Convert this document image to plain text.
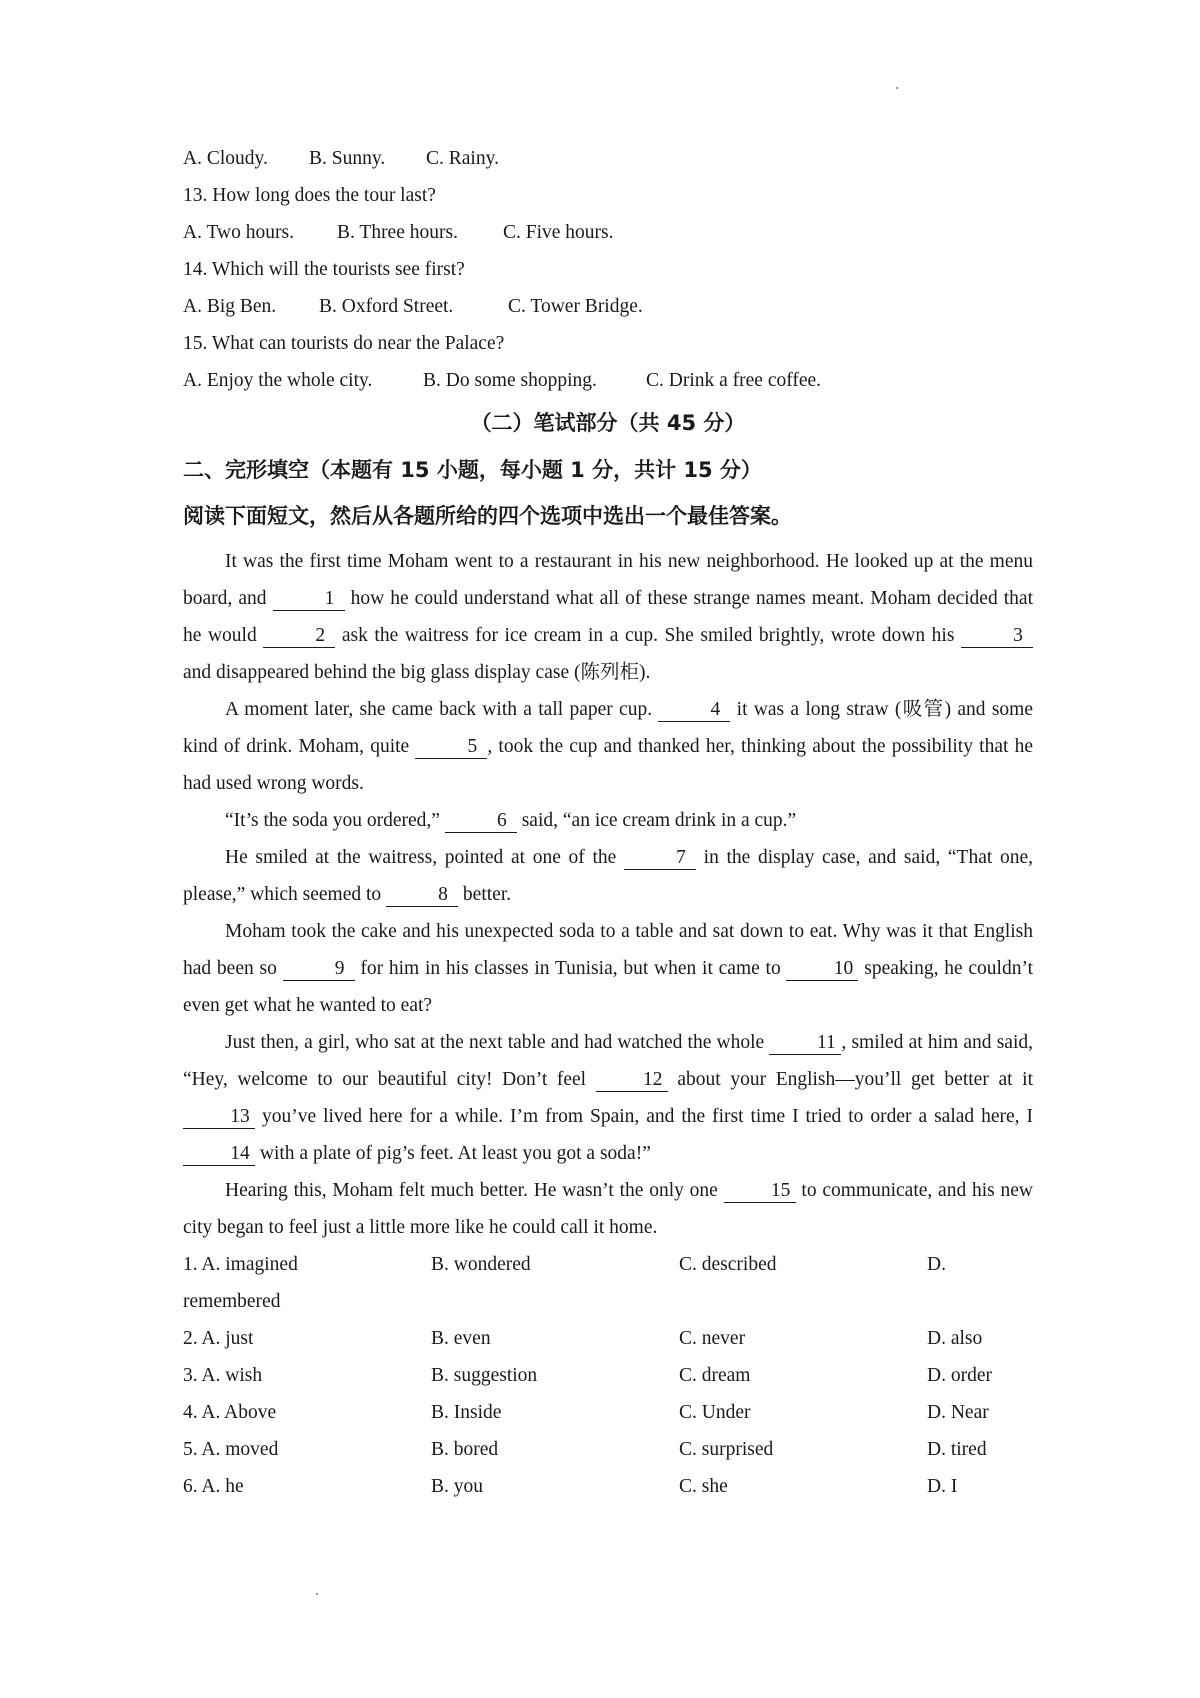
A. Cloudy. B. Sunny. C. Rainy.
13. How long does the tour last?
A. Two hours. B. Three hours. C. Five hours.
14. Which will the tourists see first?
A. Big Ben. B. Oxford Street.	C. Tower Bridge.
15. What can tourists do near the Palace?
A. Enjoy the whole city.	B. Do some shopping.	C. Drink a free coffee.
（二）笔试部分（共 45 分）
二、完形填空（本题有 15 小题，每小题 1 分，共计 15 分）
阅读下面短文，然后从各题所给的四个选项中选出一个最佳答案。

It was the first time Moham went to a restaurant in his new neighborhood. He looked up at the menu board, and	1 how he could understand what all of these strange names meant. Moham decided that he would	2 ask the waitress for ice cream in a cup. She smiled brightly, wrote down his	3 and disappeared behind the big glass display case (陈列柜).

A moment later, she came back with a tall paper cup.	4 it was a long straw (吸管) and some kind of drink. Moham, quite	5 , took the cup and thanked her, thinking about the possibility that he had used wrong words.

“It’s the soda you ordered,”	6 said, “an ice cream drink in a cup.”

He smiled at the waitress, pointed at one of the	7 in the display case, and said, “That one, please,” which seemed to	8 better.

Moham took the cake and his unexpected soda to a table and sat down to eat. Why was it that English had been so	9 for him in his classes in Tunisia, but when it came to 10 speaking, he couldn’t even get what he wanted to eat?

Just then, a girl, who sat at the next table and had watched the whole 11 , smiled at him and said, “Hey, welcome to our beautiful city! Don’t feel 12 about your English—you’ll get better at it 13 you’ve lived here for a while. I’m from Spain, and the first time I tried to order a salad here, I 14 with a plate of pig’s feet. At least you got a soda!”

Hearing this, Moham felt much better. He wasn’t the only one 15 to communicate, and his new city began to feel just a little more like he could call it home.

1. A. imagined	B. wondered	C. described	D.
remembered
2. A. just	B. even	C. never	D. also
3. A. wish	B. suggestion	C. dream	D. order
4. A. Above	B. Inside	C. Under	D. Near
5. A. moved	B. bored	C. surprised	D. tired
6. A. he	B. you	C. she	D. I
